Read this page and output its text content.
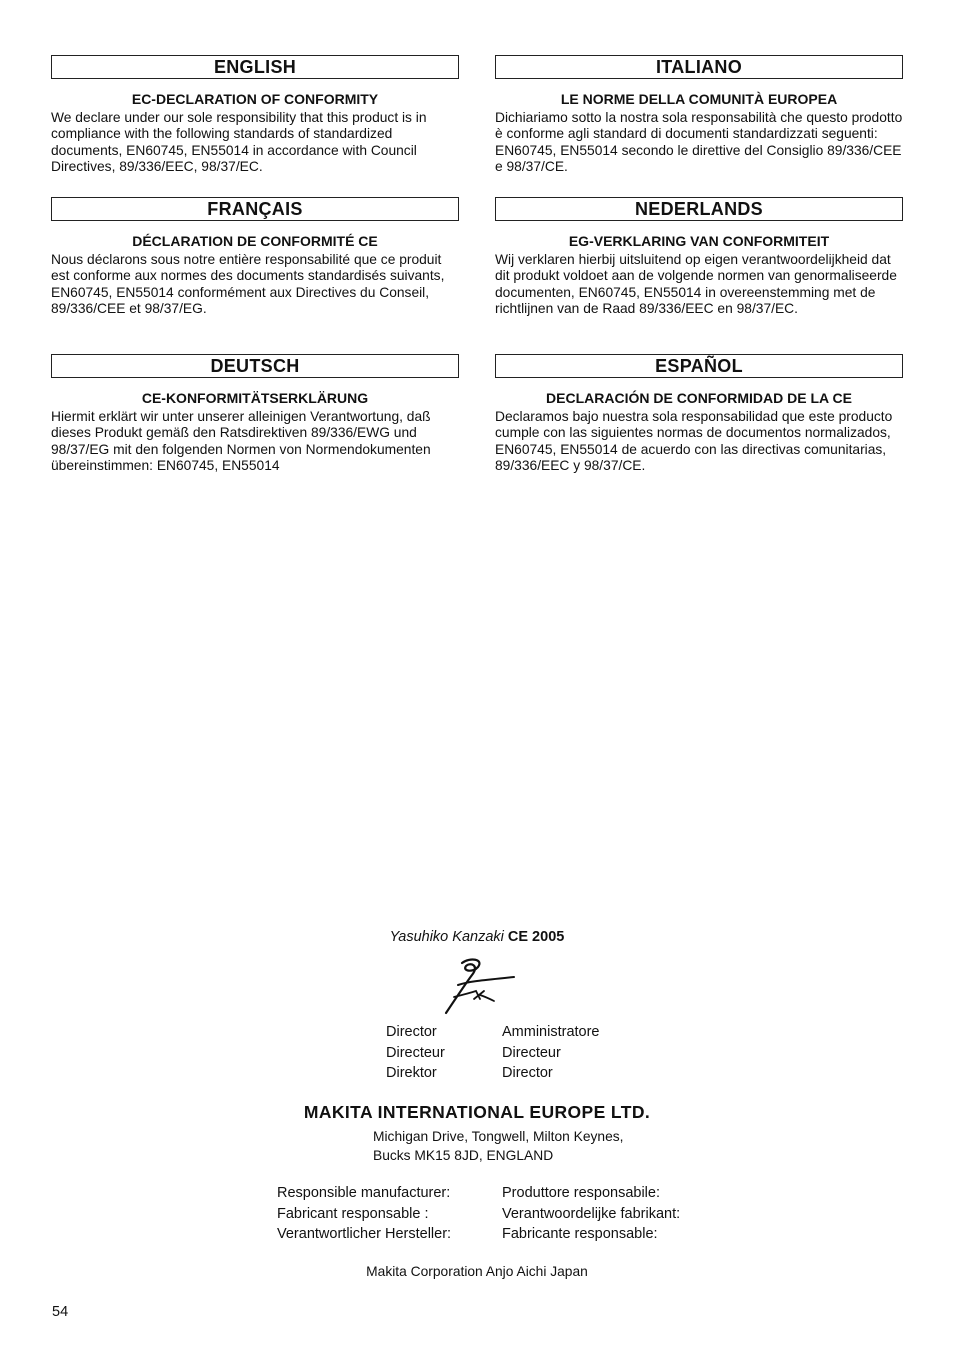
ENGLISH
EC-DECLARATION OF CONFORMITY
We declare under our sole responsibility that this product is in compliance with the following standards of standardized documents, EN60745, EN55014 in accordance with Council Directives, 89/336/EEC, 98/37/EC.
FRANÇAIS
DÉCLARATION DE CONFORMITÉ CE
Nous déclarons sous notre entière responsabilité que ce produit est conforme aux normes des documents standardisés suivants, EN60745, EN55014 conformément aux Directives du Conseil, 89/336/CEE et 98/37/EG.
DEUTSCH
CE-KONFORMITÄTSERKLÄRUNG
Hiermit erklärt wir unter unserer alleinigen Verantwortung, daß dieses Produkt gemäß den Ratsdirektiven 89/336/EWG und 98/37/EG mit den folgenden Normen von Normendokumenten übereinstimmen: EN60745, EN55014
ITALIANO
LE NORME DELLA COMUNITÀ EUROPEA
Dichiariamo sotto la nostra sola responsabilità che questo prodotto è conforme agli standard di documenti standardizzati seguenti: EN60745, EN55014 secondo le direttive del Consiglio 89/336/CEE e 98/37/CE.
NEDERLANDS
EG-VERKLARING VAN CONFORMITEIT
Wij verklaren hierbij uitsluitend op eigen verantwoordelijkheid dat dit produkt voldoet aan de volgende normen van genormaliseerde documenten, EN60745, EN55014 in overeenstemming met de richtlijnen van de Raad 89/336/EEC en 98/37/EC.
ESPAÑOL
DECLARACIÓN DE CONFORMIDAD DE LA CE
Declaramos bajo nuestra sola responsabilidad que este producto cumple con las siguientes normas de documentos normalizados, EN60745, EN55014 de acuerdo con las directivas comunitarias, 89/336/EEC y 98/37/CE.
Yasuhiko Kanzaki CE 2005
Director
Directeur
Direktor
Amministratore
Directeur
Director
MAKITA INTERNATIONAL EUROPE LTD.
Michigan Drive, Tongwell, Milton Keynes,
Bucks MK15 8JD, ENGLAND
Responsible manufacturer:
Fabricant responsable :
Verantwortlicher Hersteller:
Produttore responsabile:
Verantwoordelijke fabrikant:
Fabricante responsable:
Makita Corporation Anjo Aichi Japan
54
